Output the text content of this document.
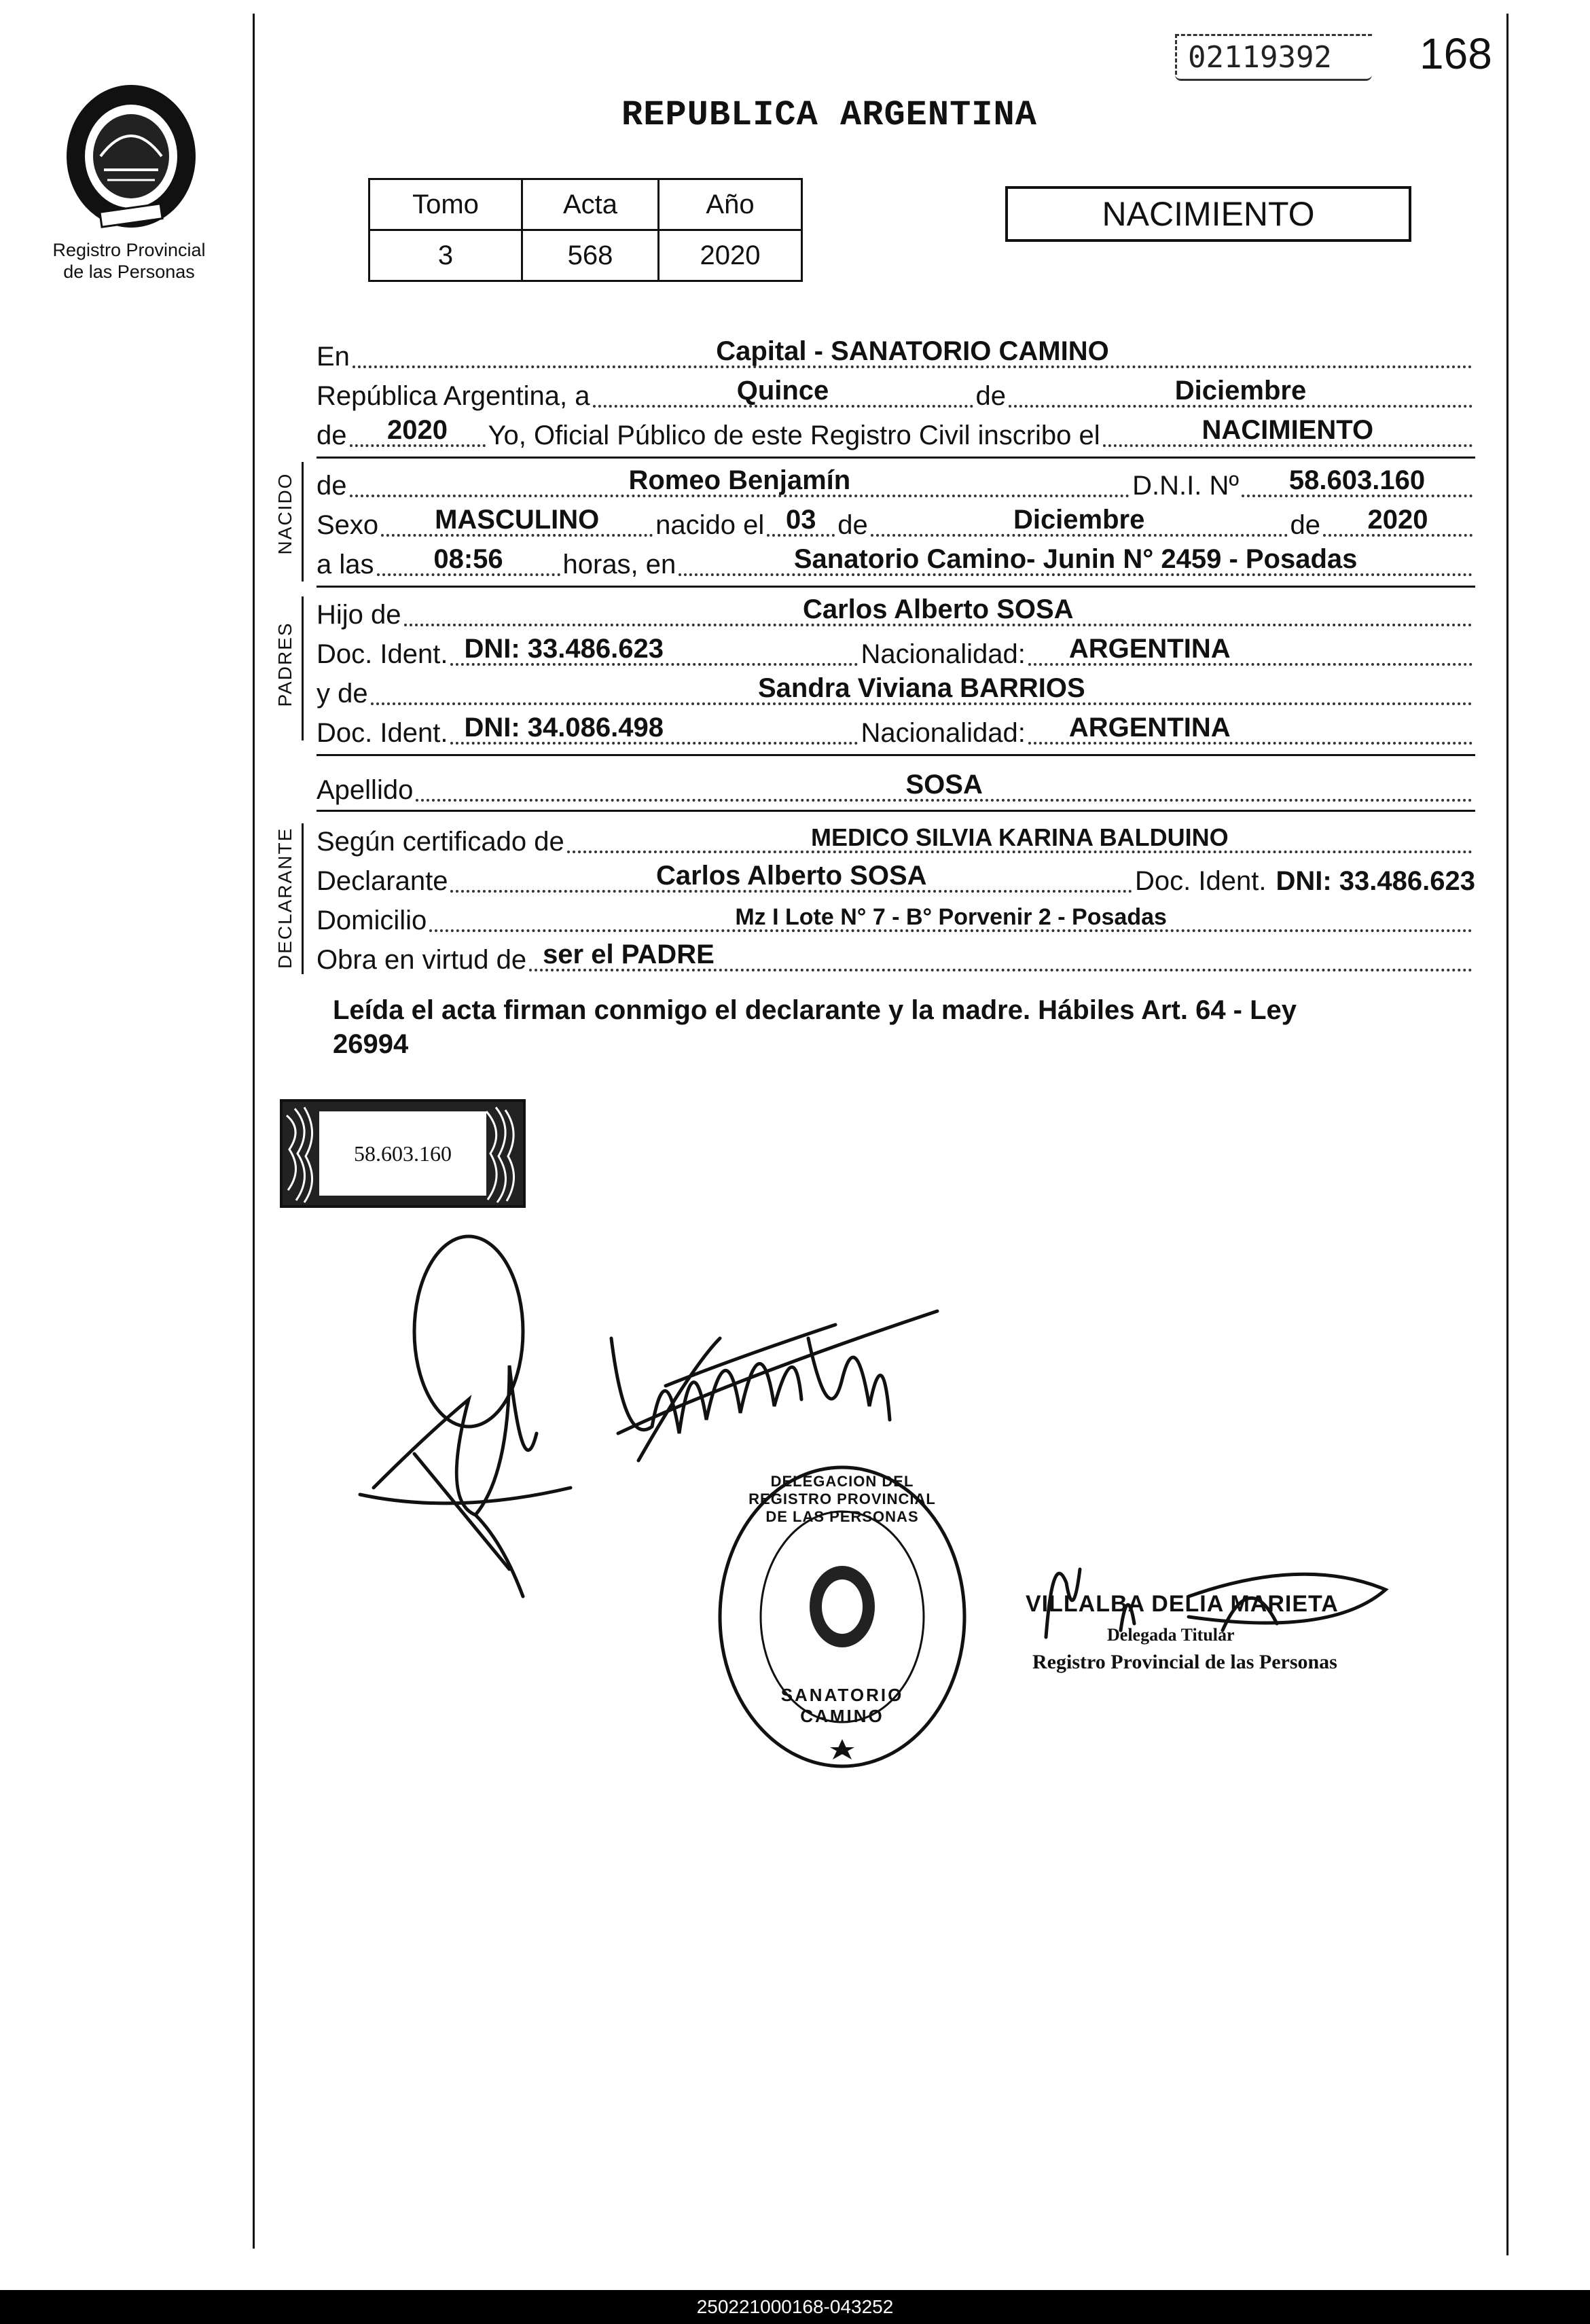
Registro Provincial
de las Personas
REPUBLICA ARGENTINA
02119392	168
Tomo	Acta	Año
3	568	2020
NACIMIENTO
En	Capital - SANATORIO CAMINO
República Argentina, a	Quince	de	Diciembre
de	2020	Yo, Oficial Público de este Registro Civil inscribo el	NACIMIENTO
de	Romeo Benjamín	D.N.I. Nº	58.603.160
Sexo	MASCULINO	nacido el 03 de	Diciembre	de	2020
a las	08:56	horas, en	Sanatorio Camino- Junin N° 2459 - Posadas
Hijo de	Carlos Alberto SOSA
Doc. Ident. DNI: 33.486.623	Nacionalidad: ARGENTINA
y de	Sandra Viviana BARRIOS
Doc. Ident. DNI: 34.086.498	Nacionalidad: ARGENTINA
Apellido	SOSA
Según certificado de	MEDICO SILVIA KARINA BALDUINO
Declarante	Carlos Alberto SOSA	Doc. Ident. DNI: 33.486.623
Domicilio	Mz I Lote N° 7 - B° Porvenir 2 - Posadas
Obra en virtud de ser el PADRE
NACIDO
PADRES
DECLARANTE
Leída el acta firman conmigo el declarante y la madre. Hábiles Art. 64 - Ley
26994
58.603.160
DELEGACION DEL REGISTRO PROVINCIAL DE LAS PERSONAS
SANATORIO CAMINO
VILLALBA DELIA MARIETA
Delegada Titular
Registro Provincial de las Personas
250221000168-043252
